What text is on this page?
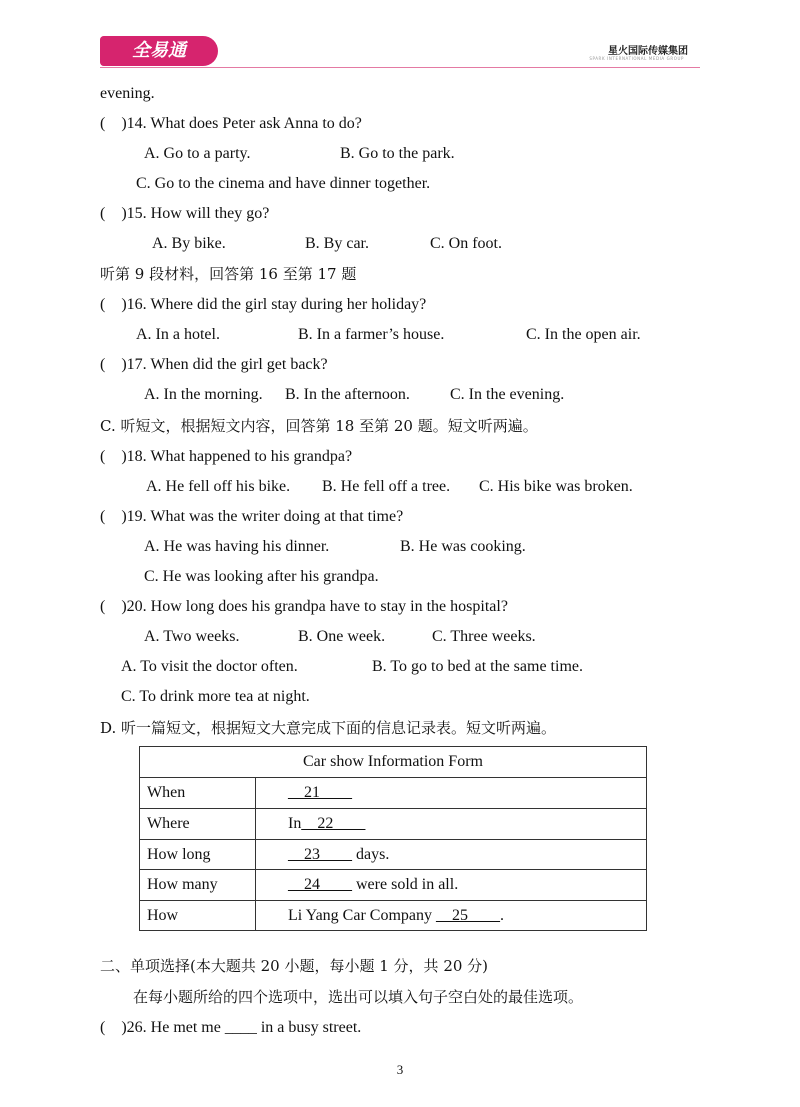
全易通	星火国际传媒集团
SPARK INTERNATIONAL MEDIA GROUP
evening.
(    )14. What does Peter ask Anna to do?
A. Go to a party.	B. Go to the park.
C. Go to the cinema and have dinner together.
(    )15. How will they go?
A. By bike.	B. By car.	C. On foot.
听第 9 段材料，回答第 16 至第 17 题
(    )16. Where did the girl stay during her holiday?
A. In a hotel.	B. In a farmer’s house.	C. In the open air.
(    )17. When did the girl get back?
A. In the morning. B. In the afternoon.	C. In the evening.
C. 听短文，根据短文内容，回答第 18 至第 20 题。短文听两遍。
(    )18. What happened to his grandpa?
A. He fell off his bike. B. He fell off a tree. C. His bike was broken.
(    )19. What was the writer doing at that time?
A. He was having his dinner.	B. He was cooking.
C. He was looking after his grandpa.
(    )20. How long does his grandpa have to stay in the hospital?
A. Two weeks.	B. One week.	C. Three weeks.
A. To visit the doctor often.	B. To go to bed at the same time.
C. To drink more tea at night.
D. 听一篇短文，根据短文大意完成下面的信息记录表。短文听两遍。
Car show Information Form
When	__21____
Where	In__22____
How long	__23____ days.
How many	__24____ were sold in all.
How	Li Yang Car Company __25____.
二、单项选择(本大题共 20 小题，每小题 1 分，共 20 分)
在每小题所给的四个选项中，选出可以填入句子空白处的最佳选项。
(    )26. He met me ____ in a busy street.
3
